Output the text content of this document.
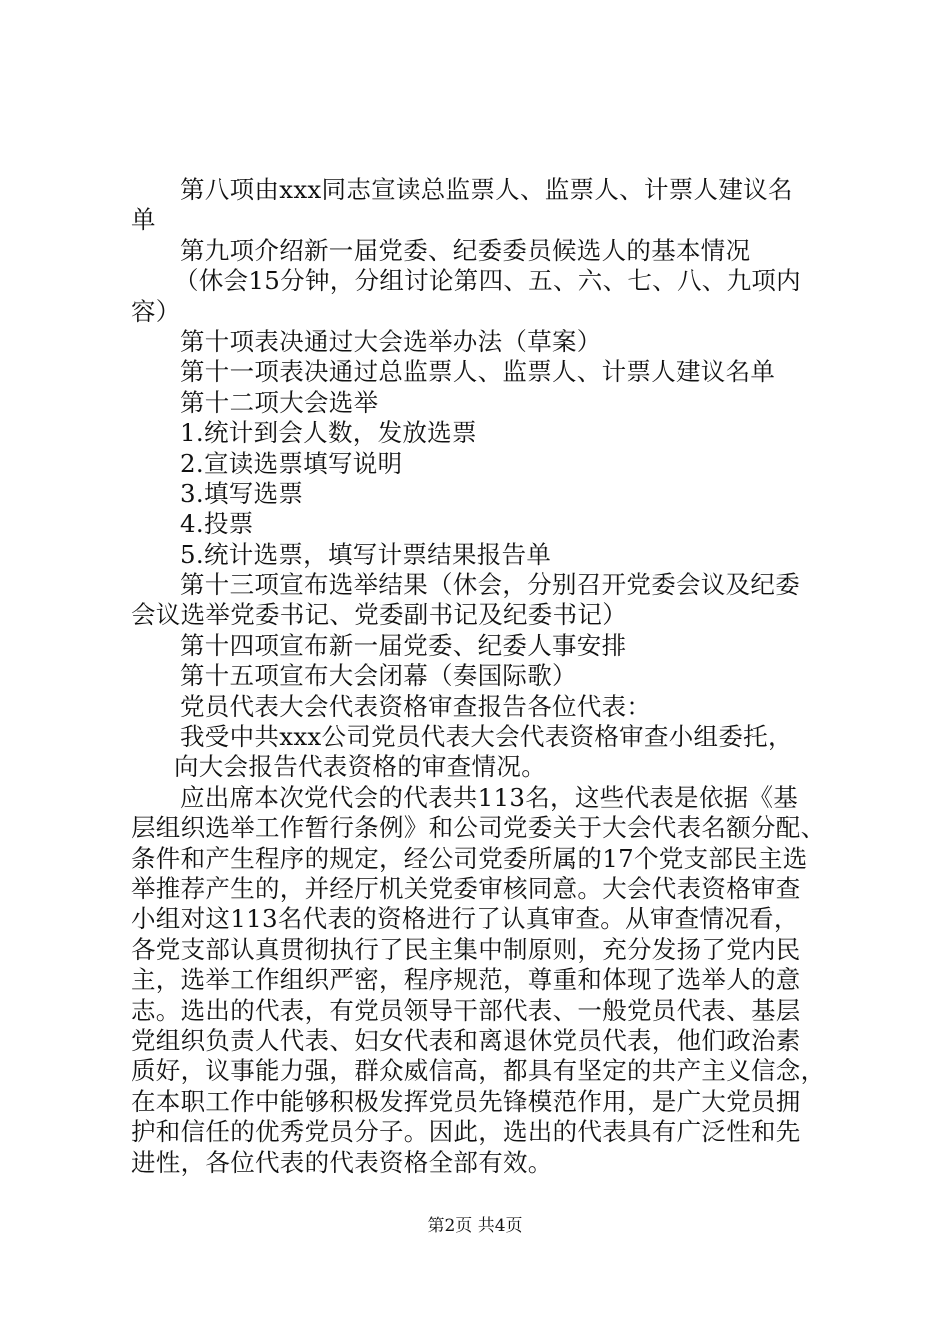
第八项由xxx同志宣读总监票人、监票人、计票人建议名
单
第九项介绍新一届党委、纪委委员候选人的基本情况
（休会15分钟，分组讨论第四、五、六、七、八、九项内
容）
第十项表决通过大会选举办法（草案）
第十一项表决通过总监票人、监票人、计票人建议名单
第十二项大会选举
1.统计到会人数，发放选票
2.宣读选票填写说明
3.填写选票
4.投票
5.统计选票，填写计票结果报告单
第十三项宣布选举结果（休会，分别召开党委会议及纪委
会议选举党委书记、党委副书记及纪委书记）
第十四项宣布新一届党委、纪委人事安排
第十五项宣布大会闭幕（奏国际歌）
党员代表大会代表资格审查报告各位代表：
我受中共xxx公司党员代表大会代表资格审查小组委托，
向大会报告代表资格的审查情况。
应出席本次党代会的代表共113名，这些代表是依据《基
层组织选举工作暂行条例》和公司党委关于大会代表名额分配、
条件和产生程序的规定，经公司党委所属的17个党支部民主选
举推荐产生的，并经厅机关党委审核同意。大会代表资格审查
小组对这113名代表的资格进行了认真审查。从审查情况看，
各党支部认真贯彻执行了民主集中制原则，充分发扬了党内民
主，选举工作组织严密，程序规范，尊重和体现了选举人的意
志。选出的代表，有党员领导干部代表、一般党员代表、基层
党组织负责人代表、妇女代表和离退休党员代表，他们政治素
质好，议事能力强，群众威信高，都具有坚定的共产主义信念，
在本职工作中能够积极发挥党员先锋模范作用，是广大党员拥
护和信任的优秀党员分子。因此，选出的代表具有广泛性和先
进性，各位代表的代表资格全部有效。
第2页 共4页
